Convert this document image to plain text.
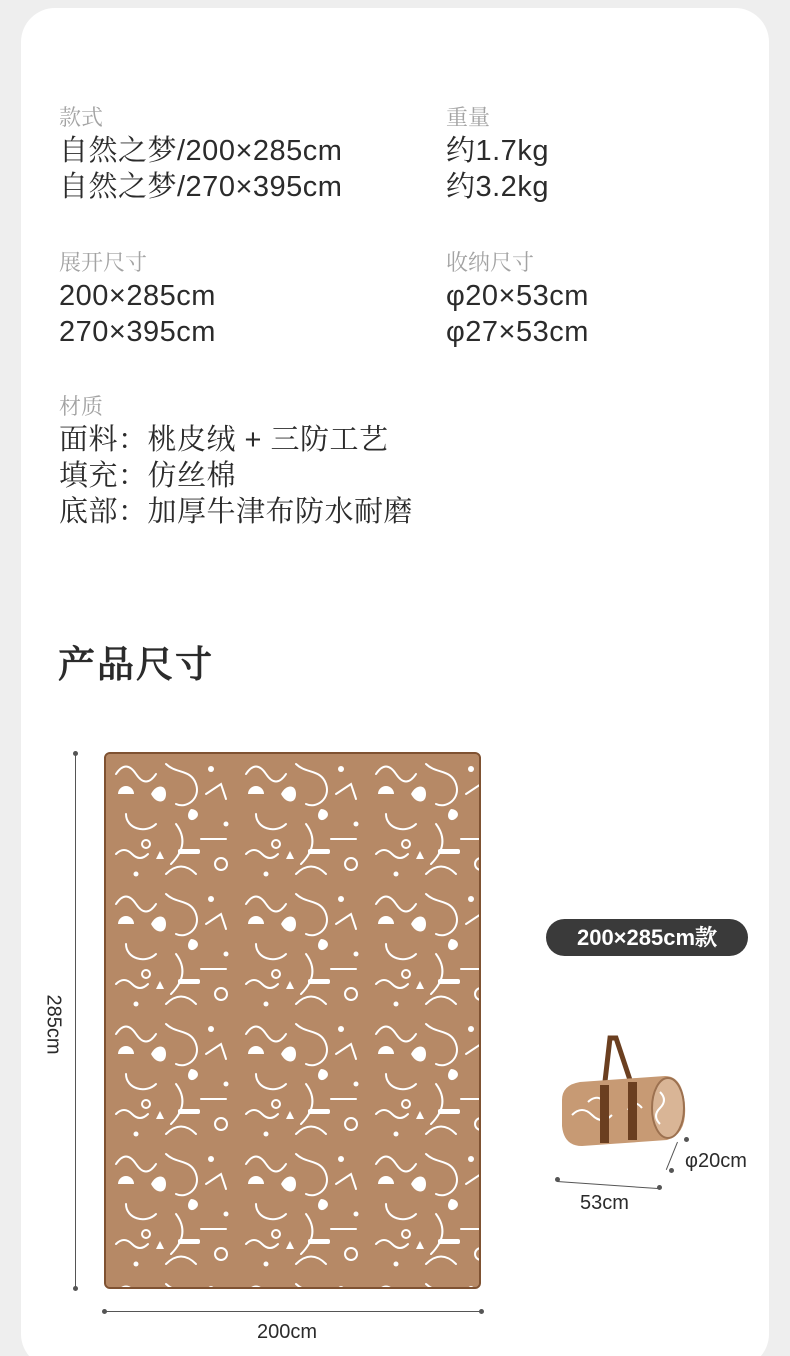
款式
自然之梦/200×285cm
自然之梦/270×395cm
重量
约1.7kg
约3.2kg
展开尺寸
200×285cm
270×395cm
收纳尺寸
φ20×53cm
φ27×53cm
材质
面料：桃皮绒 + 三防工艺
填充：仿丝棉
底部：加厚牛津布防水耐磨
产品尺寸
285cm
200cm
200×285cm款
53cm
φ20cm
